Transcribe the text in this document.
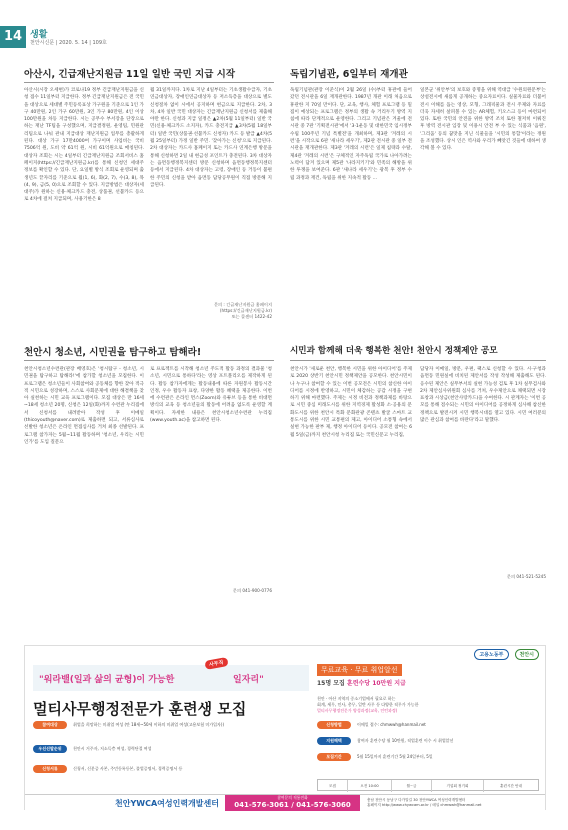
14 생활
천안시신문 | 2020. 5. 14 | 109호
아산시, 긴급재난지원금 11일 일반 국민 지급 시작
아산시(시장 오세현)가 코로나19 정부 긴급재난지원금을 신청 접수 11일부터 지급한다. 정부 긴급재난지원금은 전 국민을 대상으로 세대별 주민등록표상 가구원을 기준으로 1인 가구 40만원, 2인 가구 60만원, 3인 가구 80만원, 4인 이상 100만원을 차등 지급한다. 시는 공무수 부서장을 단장으로 하는 재난 TF팀을 구성했으며, 지급결정원, 운영팀, 민원관리팀으로 나눠 관내 지급대상 재난지원금 업무를 총괄하게 된다. 대상 가구 17만4000여 가구이며 사업비는 국비 7506억 원, 도비 약 61억 원, 시비 61억원으로 매칭된다. 대상자 조회는 시는 4일부터 긴급재난지원금 조회서비스 홈페이지(https://긴급재난지원금.kr)를 통해 신청인 세대주 정보를 확인할 수 있다. 단, 요일별 방식 조회로 운영되며 출생년도 끝자리를 기준으로 월(1, 6), 화(2, 7), 수(3, 8), 목(4, 9), 금(5, 0)으로 조회할 수 있다. 지급방법은 대상자(세대주)가 원하는 신용·체크카드 충전, 상품권, 선불카드 등으로 4차에 걸쳐 지급되며, 사용기한은 8
월 31일까지다. 1차로 지난 4일부터는 기초생활수급자, 기초연금대상자, 장애인연금대상자 등 저소득층을 대상으로 별도 신청절차 없이 시에서 공지하며 현금으로 지급한다. 2차, 3차, 4차 일반 국민 대상자는 긴급재난지원금 신청서를 제출해야만 한다. 신청과 지급 일정은 ▲2차(5월 11일부터) 일반 국민(신용·체크카드 소지자), 카드 충전지급 ▲3차(5월 18일부터) 일반 국민(상품권·선불카드 신청자) 카드 등 발급 ▲4차(5월 25일부터) 가정 일반 주민. '찾아가는 신청'으로 지급된다. 2차 대상자는 카드사 홈페이지 또는 카드사 연계은행 방문을 통해 신청하면 2일 내 현금성 포인트가 충전된다. 3차 대상자는 읍면동행정복지센터 방문 신청하며 읍면동행정복지센터 등에서 지급된다. 4차 대상자는 고령, 장애인 등 거동이 불편한 주민의 신청을 받아 읍면동 담당공무원이 직접 방문해 지급된다.
문의 : 긴급재난지원금 홈페이지
(https://긴급재난지원금.kr)
또는 콜센터 1422-42
독립기념관, 6일부터 재개관
독립기념관(관장 이준식)이 2월 26일 (수)부터 휴관에 들어갔던 전시관을 6일 재개관한다. 1987년 개관 이래 처음으로 휴관한 지 70일 만이다. 단, 교육, 행사, 체험 프로그램 등 밀집이 예상되는 프로그램은 정부의 생활 속 거리두기 방역 지침에 따라 단계적으로 운영한다. 그리고 기념관은 겨울에 전시관 중 7관 '기획전시관'에서 '3·1운동 및 대한민국 임시정부 수립 100주년 기념 특별전'을 개최하며, 제3관 '겨레의 시련'을 시작으로 6관 '새나라 세우기', 제2관 전시관 중 일부 전시관을 재개관한다. 제3관 '겨레의 시련'은 일제 침략과 수탈, 제4관 '겨레의 시련'은 구체적인 자주독립 국가로 나아가려는 노력이 담겨 있으며 제5관 '나라지키기'와 민족의 해방을 위한 투쟁을 보여준다. 6관 '새나라 세우기'는 광복 후 정부 수립 과정과 재건, 독립을 위한 지속적 활동 ...
일본군 '위안부'의 보호와 증명을 위해 역대급 '수원의원문부'는 상설전시에 새롭게 공개하는 중요자료이다. 실물자료와 더불어 전시 이해를 돕는 영상, 모형, 그래픽물과 전시 주제와 자료를 더욱 자세히 살펴볼 수 있는 AR체험, 키오스크 등이 마련되어 있다. 또한 국민의 안전을 위한 방역 조치 또한 철저히 이뤄진 후 방역 전시관 입장 및 이용시 안전 부 수 있는 식품과 '음원', '그리움' 등의 꿈맛을 지닌 식물들을 '시민의 통합'이라는 정원을 조성했다. 상시 인은 역사와 우리가 빼앗긴 것들에 대하여 생각해 볼 수 있다.
천안시 청소년, 시민권을 탐구하고 탐해라!
천안시청소년수련관(관장 배영호)은 '청시탐구 - 청소년, 시민권을 탐구하고 탐해라!'에 참가할 청소년을 모집한다. 이 프로그램은 청소년들이 사회참여와 공동체를 향한 찾아 적극적 시민으로 성장하며, 스스로 사회문제에 대한 해결책을 찾아 실천하는 시민 교육 프로그램이다. 모집 대상은 만 16세~18세 청소년 20명, 신청은 12일(화)까지 수련관 누리집에서 신청서를 내려받아 작성 후 이메일(thicoyouth@naver.com)로 제출하면 되고, 서류심사로 선발한 청소년은 온라인 면접심사를 거쳐 최종 선발된다. 프로그램 참가자는 5월~11월 활동하며 '청소년, 우리는 시민인가'를 도입 질문으
로 프로젝트를 시작해 청소년 주도적 활동 과정의 결과물 '청소년, 시민으로 통하다'라는 영상 포트폴리오를 제작하게 된다. 활동 참가자에게는 활동내용에 따른 자원봉사 활동시간 인정, 우수 활동자 표창, 다양한 활동 혜택을 제공한다. 이번에 수련관은 온라인 면스(Zoom)와 유튜브 등을 통한 비대면 방식의 교육 등 청소년들의 활동에 어려움 없도록 운영할 계획이다. 자세한 내용은 천안시청소년수련관 누리집(www.youth.ac)을 참고하면 된다.
문의 041-900-0776
시민과 함께해 더욱 행복한 천안! 천안시 정책제안 공모
천안시가 '새로운 천안, 행복한 시민을 위한 아이디어'를 주제로 2020 상반기 천안시민 정책제안을 공모한다. 천안시민이나 누구나 참여할 수 있는 이번 공모전은 시민의 참신한 아이디어를 시정에 반영하고, 시민이 체감하는 공감 시정을 구현하기 위해 마련했다. 주제는 시정 비전과 정책과제를 바탕으로 시민 중심 미래도시를 위한 지역경제 활성화 소·공용의 문화도시를 위한 천안시 특화 문화관광 콘텐츠 발굴 스마트 교통도시를 위한 시민 교통편의 제고, 아이디어 소통형 속에서 실현 가능한 판부 제, 행정 아이디어 등이다. 공모전 참여는 6월 5일(금)까지 천안시청 누리집 또는 국민신문고 누리집,
담당자 이메일, 방문, 우편, 팩스로 신청할 수 있다. 시·구청과 읍면동 민원실에 비치된 제안서를 작성 작성해 제출해도 된다. 응수된 제안은 실무부서의 실현 가능성 검토 후 1차 실무검사와 2차 제안심사위원회 심사를 거쳐, 우수제안으로 채택되면 시장 표창과 시상금(천안사랑카드)을 수여한다. 시 관계자는 '이번 공모를 통해 점수되는 시민의 아이디어를 공정하게 심사해 참신한 정책으로 발전시켜 시민 행복시대를 열고 있다. 시민 여러분의 많은 관심과 참여를 바란다'라고 말했다.
문의 041-521-5245
고용노동부	천안시
"워라밸(일과 삶의 균형)이 가능한	일자리"
사무직
무료교육 · 무료 취업알선
15명 모집 훈련수당 10만원 지급
멀티사무행정전문가 훈련생 모집
천안 · 아산 지역의 중소기업에서 필요로 하는
회계, 세무, 인사, 총무, 일반 사무 등 다양한 직무가 가능한
멀티사무행정전문가 양성과정(교육, 인턴과정)
참여대상	취업을 희망하는 미취업 여성 (만 18세~50세 이하의 미취업 여성(고용보험 미가입자))
우선선발순위	천안시 거주자, 저소득층 여성, 경력단절 여성
신청서류	신청서, 신분증 사본, 주민등록등본, 졸업증명서, 경력증명서 등
신청방법	이메일 접수: chmwwh@hanmail.net
지원혜택	참여자 훈련수당 월 10만원, 직업훈련 이수 시 취업알선
모집기간	5월 15일까지 훈련기간 5월 24일부터, 5일
모집	오전 10:00	월~금	기업회 정기회	훈련시간 안내
천안YWCA여성인력개발센터
참여문의 직통전화
041-576-3061 / 041-576-3060
충남 천안시 동남구 다가말길 30 천안YWCA 여성인력개발센터
홈페이지 http://www.chywcam.or.kr / 메일 chmwwh@hanmail.net
